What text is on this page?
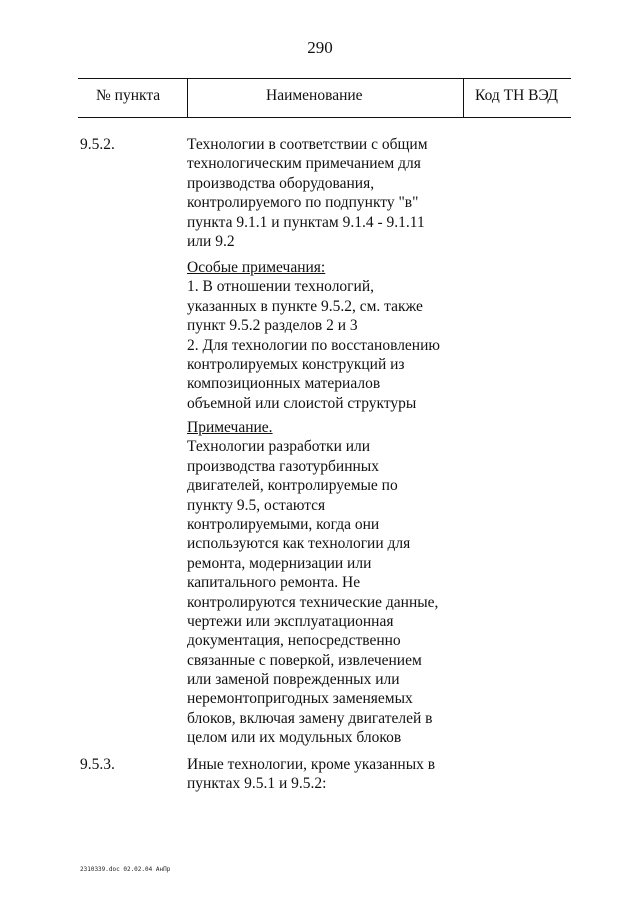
290
№ пункта	Наименование	Код ТН ВЭД
9.5.2.	Технологии в соответствии с общим
технологическим примечанием для
производства оборудования,
контролируемого по подпункту "в"
пункта 9.1.1 и пунктам 9.1.4 - 9.1.11
или 9.2
Особые примечания:
1. В отношении технологий,
указанных в пункте 9.5.2, см. также
пункт 9.5.2 разделов 2 и 3
2. Для технологии по восстановлению
контролируемых конструкций из
композиционных материалов
объемной или слоистой структуры
Примечание.
Технологии разработки или
производства газотурбинных
двигателей, контролируемые по
пункту 9.5, остаются
контролируемыми, когда они
используются как технологии для
ремонта, модернизации или
капитального ремонта. Не
контролируются технические данные,
чертежи или эксплуатационная
документация, непосредственно
связанные с поверкой, извлечением
или заменой поврежденных или
неремонтопригодных заменяемых
блоков, включая замену двигателей в
целом или их модульных блоков
9.5.3.	Иные технологии, кроме указанных в
пунктах 9.5.1 и 9.5.2:
2310339.doc 02.02.04 АнПр
